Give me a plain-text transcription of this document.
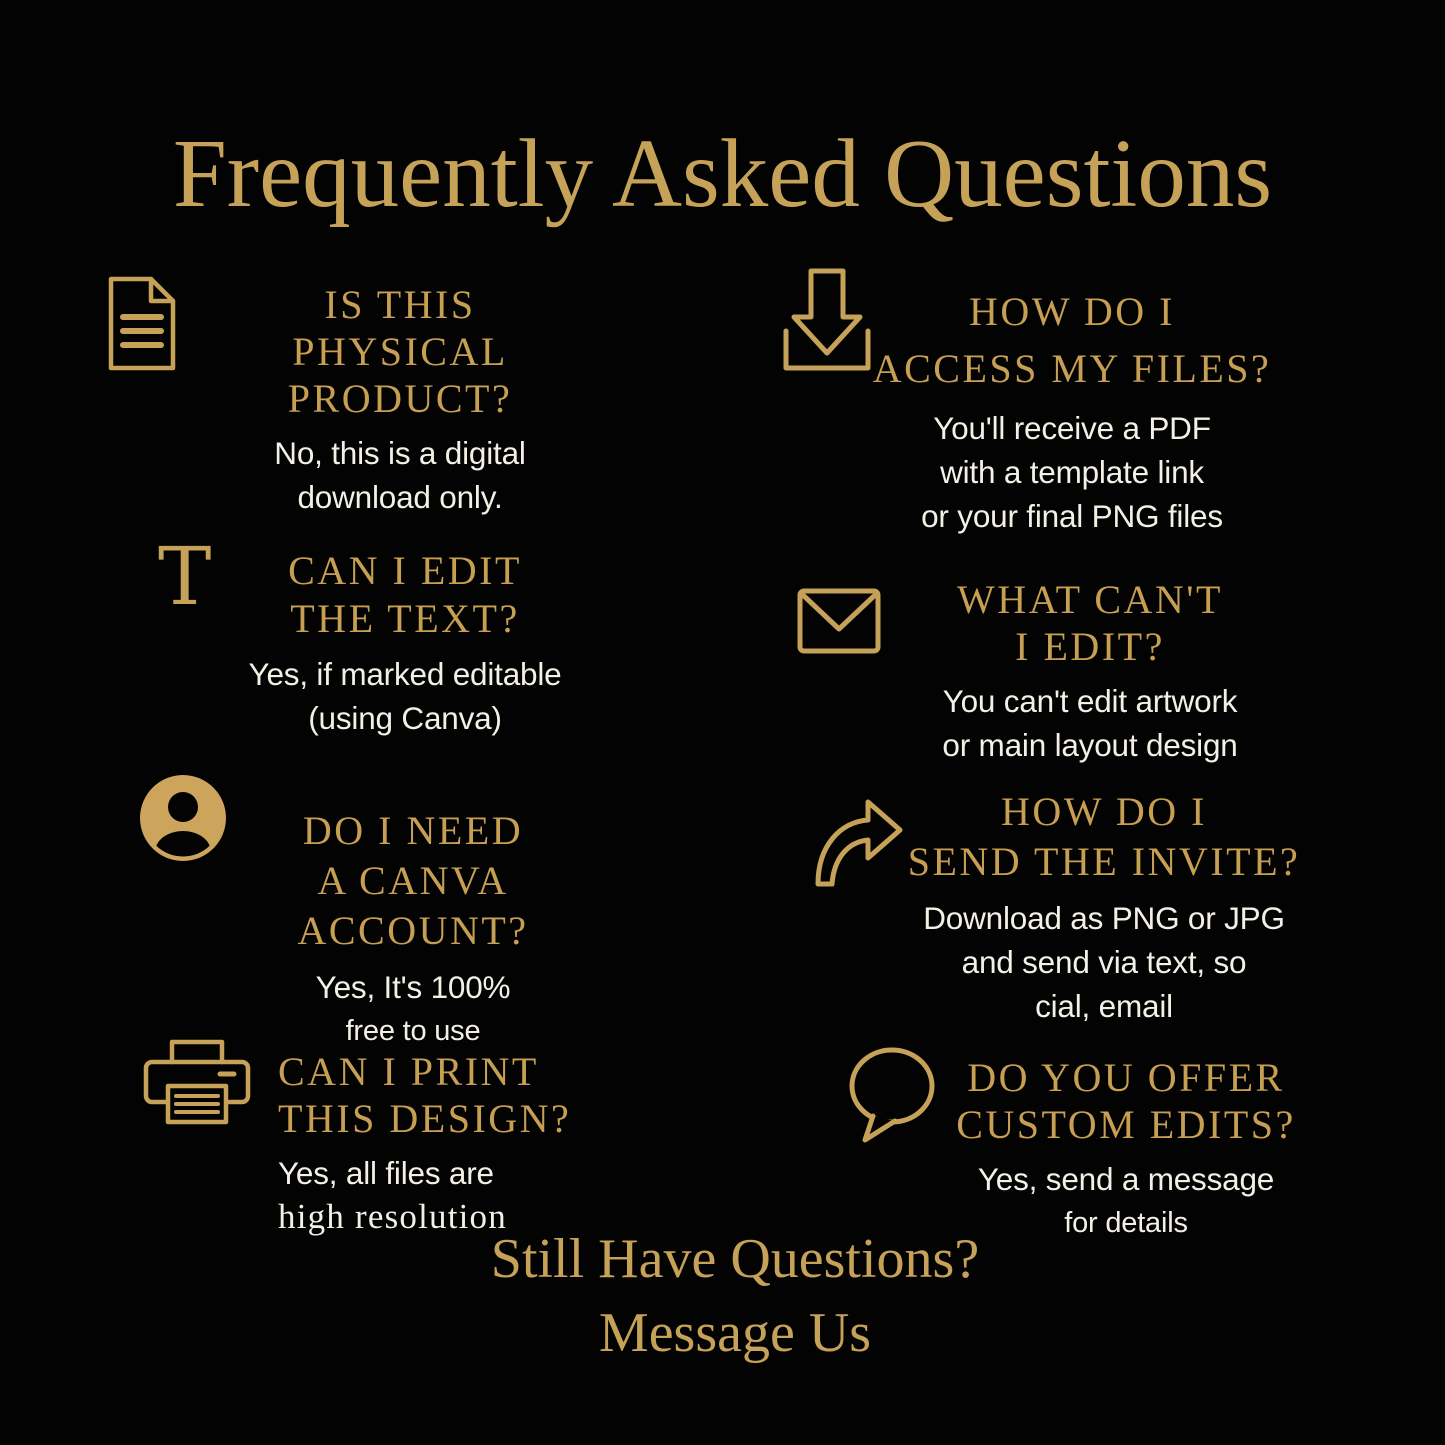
Frequently Asked Questions
T
IS THIS
PHYSICAL PRODUCT?
No, this is a digital
download only.
HOW DO I
ACCESS MY FILES?
You'll receive a PDF
with a template link
or your final PNG files
CAN I EDIT
THE TEXT?
Yes, if marked editable
(using Canva)
WHAT CAN'T
I EDIT?
You can't edit artwork
or main layout design
DO I NEED
A CANVA ACCOUNT?
Yes, It's 100%
free to use
HOW DO I
SEND THE INVITE?
Download as PNG or JPG
and send via text, so
cial, email
CAN I PRINT
THIS DESIGN?
Yes, all files are
high resolution
DO YOU OFFER
CUSTOM EDITS?
Yes, send a message
for details
Still Have Questions?
Message Us
